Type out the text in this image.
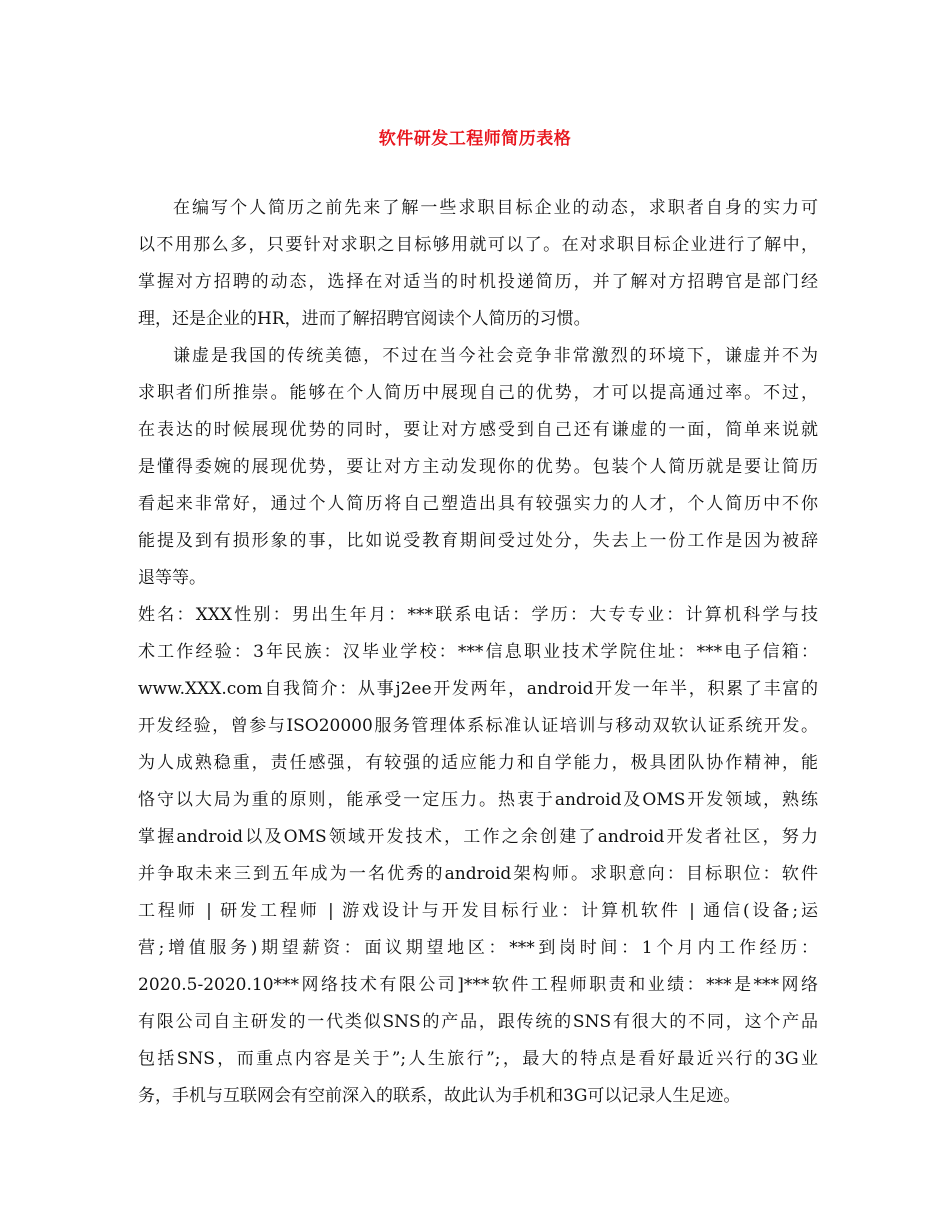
软件研发工程师简历表格
在编写个人简历之前先来了解一些求职目标企业的动态，求职者自身的实力可
以不用那么多，只要针对求职之目标够用就可以了。在对求职目标企业进行了解中，
掌握对方招聘的动态，选择在对适当的时机投递简历，并了解对方招聘官是部门经
理，还是企业的HR，进而了解招聘官阅读个人简历的习惯。
谦虚是我国的传统美德，不过在当今社会竞争非常激烈的环境下，谦虚并不为
求职者们所推崇。能够在个人简历中展现自己的优势，才可以提高通过率。不过，
在表达的时候展现优势的同时，要让对方感受到自己还有谦虚的一面，简单来说就
是懂得委婉的展现优势，要让对方主动发现你的优势。包装个人简历就是要让简历
看起来非常好，通过个人简历将自己塑造出具有较强实力的人才，个人简历中不你
能提及到有损形象的事，比如说受教育期间受过处分，失去上一份工作是因为被辞
退等等。
姓名：XXX性别：男出生年月：***联系电话：学历：大专专业：计算机科学与技
术工作经验：3年民族：汉毕业学校：***信息职业技术学院住址：***电子信箱：
www.XXX.com自我简介：从事j2ee开发两年，android开发一年半，积累了丰富的
开发经验，曾参与ISO20000服务管理体系标准认证培训与移动双软认证系统开发。
为人成熟稳重，责任感强，有较强的适应能力和自学能力，极具团队协作精神，能
恪守以大局为重的原则，能承受一定压力。热衷于android及OMS开发领域，熟练
掌握android以及OMS领域开发技术，工作之余创建了android开发者社区，努力
并争取未来三到五年成为一名优秀的android架构师。求职意向：目标职位：软件
工程师 | 研发工程师 | 游戏设计与开发目标行业：计算机软件 | 通信(设备;运
营;增值服务)期望薪资：面议期望地区：***到岗时间：1个月内工作经历：
2020.5-2020.10***网络技术有限公司]***软件工程师职责和业绩：***是***网络
有限公司自主研发的一代类似SNS的产品，跟传统的SNS有很大的不同，这个产品
包括SNS，而重点内容是关于”;人生旅行”;，最大的特点是看好最近兴行的3G业
务，手机与互联网会有空前深入的联系，故此认为手机和3G可以记录人生足迹。
